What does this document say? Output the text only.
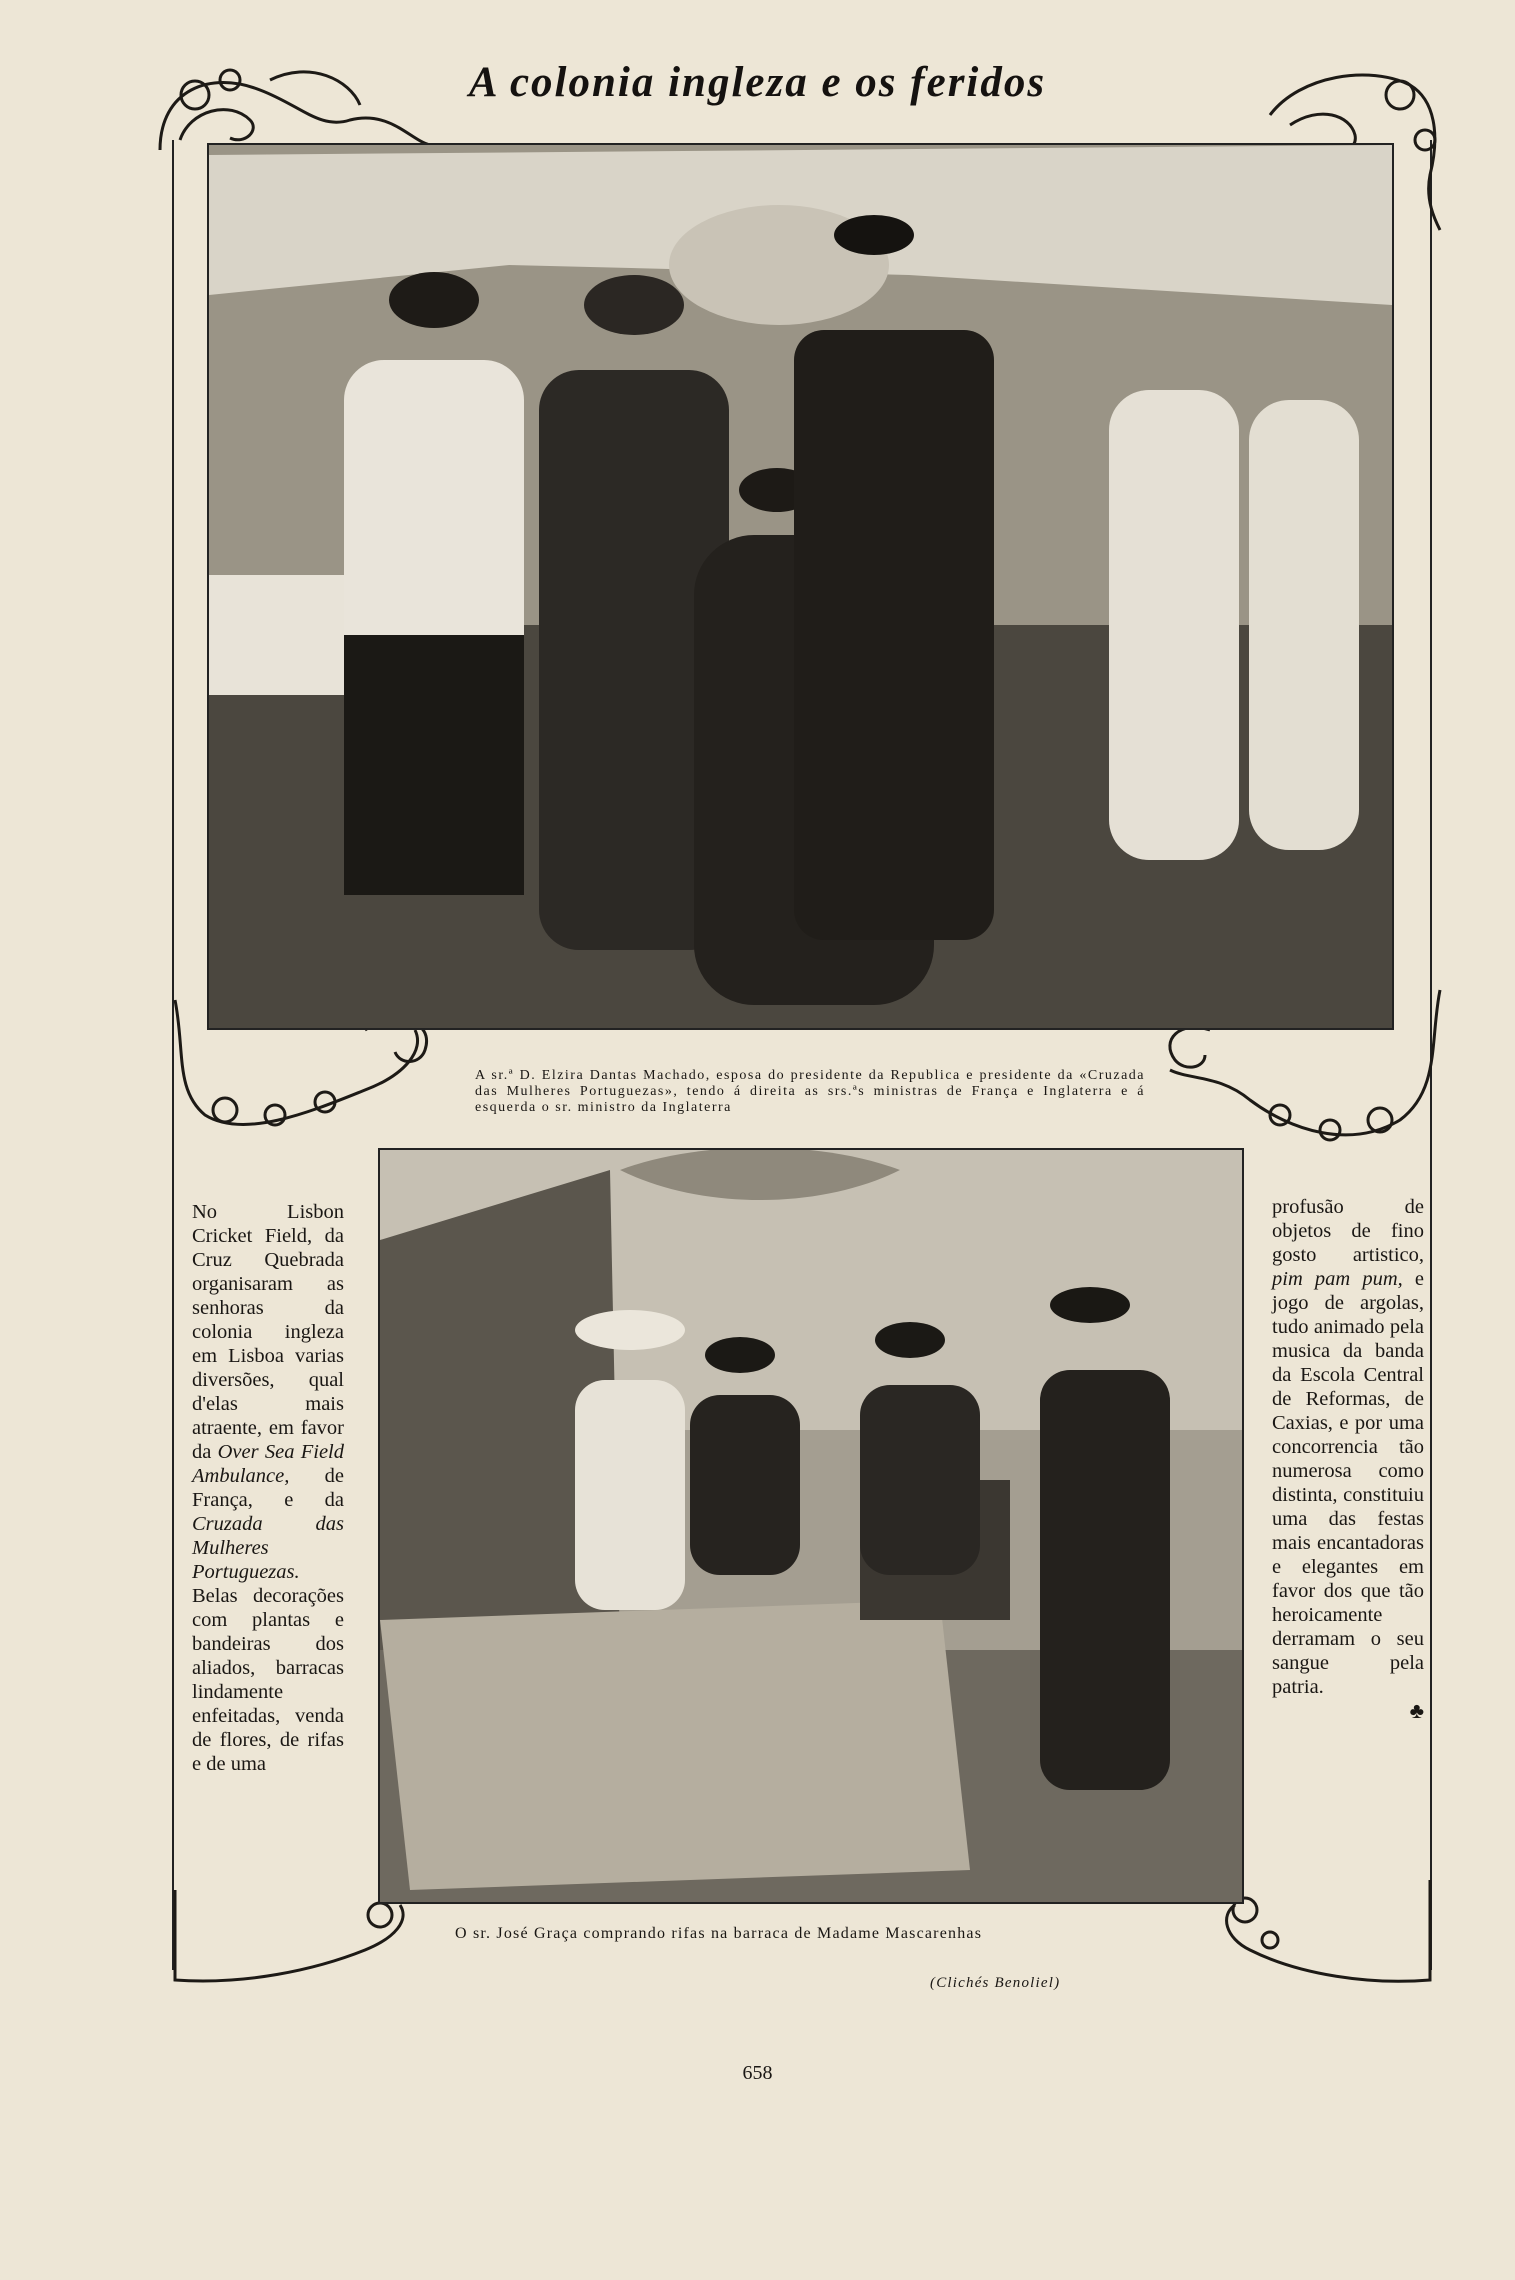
A colonia ingleza e os feridos
A sr.ª D. Elzira Dantas Machado, esposa do presidente da Republica e presidente da «Cruzada das Mulheres Portuguezas», tendo á direita as srs.ªs ministras de França e Inglaterra e á esquerda o sr. ministro da Inglaterra
O sr. José Graça comprando rifas na barraca de Madame Mascarenhas
(Clichés Benoliel)

No Lisbon Cricket Field, da Cruz Quebrada organisaram as senhoras da colonia ingleza em Lisboa varias diversões, qual d'elas mais atraente, em favor da Over Sea Field Ambulance, de França, e da Cruzada das Mulheres Portuguezas. Belas decorações com plantas e bandeiras dos aliados, barracas lindamente enfeitadas, venda de flores, de rifas e de uma

profusão de objetos de fino gosto artistico, pim pam pum, e jogo de argolas, tudo animado pela musica da banda da Escola Central de Reformas, de Caxias, e por uma concorrencia tão numerosa como distinta, constituiu uma das festas mais encantadoras e elegantes em favor dos que tão heroicamente derramam o seu sangue pela patria.

♣
658
